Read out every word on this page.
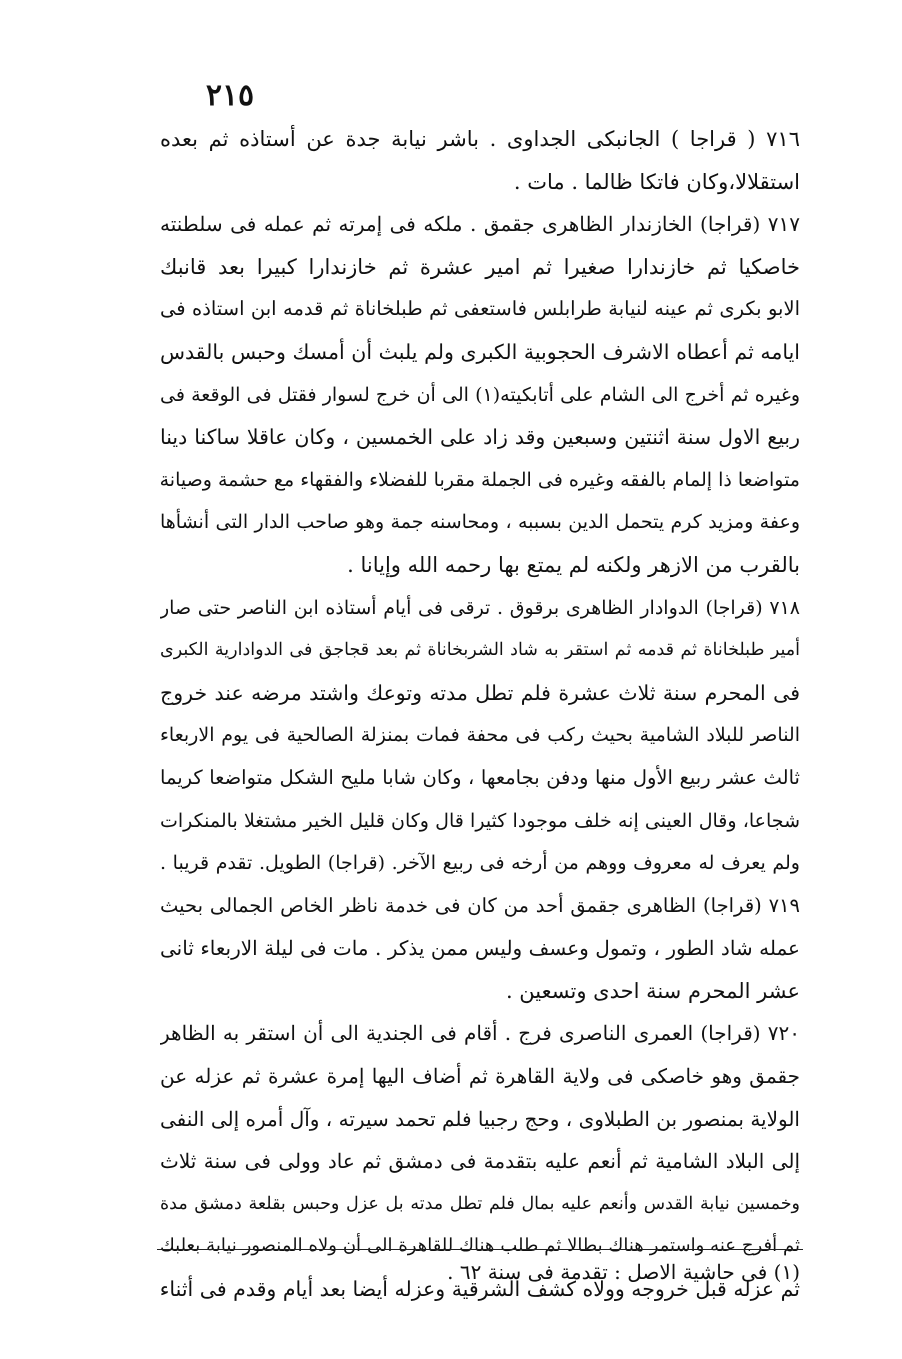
٢١٥
٧١٦ ( قراجا ) الجانبكى الجداوى . باشر نيابة جدة عن أستاذه ثم بعده
استقلالا،وكان فاتكا ظالما . مات .
٧١٧ (قراجا) الخازندار الظاهرى جقمق . ملكه فى إمرته ثم عمله فى سلطنته
خاصكيا ثم خازندارا صغيرا ثم امير عشرة ثم خازندارا كبيرا بعد قانبك
الابو بكرى ثم عينه لنيابة طرابلس فاستعفى ثم طبلخاناة ثم قدمه ابن استاذه فى
ايامه ثم أعطاه الاشرف الحجوبية الكبرى ولم يلبث أن أمسك وحبس بالقدس
وغيره ثم أخرج الى الشام على أتابكيته(١) الى أن خرج لسوار فقتل فى الوقعة فى
ربيع الاول سنة اثنتين وسبعين وقد زاد على الخمسين ، وكان عاقلا ساكنا دينا
متواضعا ذا إلمام بالفقه وغيره فى الجملة مقربا للفضلاء والفقهاء مع حشمة وصيانة
وعفة ومزيد كرم يتحمل الدين بسببه ، ومحاسنه جمة وهو صاحب الدار التى أنشأها
بالقرب من الازهر ولكنه لم يمتع بها رحمه الله وإيانا .
٧١٨ (قراجا) الدوادار الظاهرى برقوق . ترقى فى أيام أستاذه ابن الناصر حتى صار
أمير طبلخاناة ثم قدمه ثم استقر به شاد الشربخاناة ثم بعد قجاجق فى الدوادارية الكبرى
فى المحرم سنة ثلاث عشرة فلم تطل مدته وتوعك واشتد مرضه عند خروج
الناصر للبلاد الشامية بحيث ركب فى محفة فمات بمنزلة الصالحية فى يوم الاربعاء
ثالث عشر ربيع الأول منها ودفن بجامعها ، وكان شابا مليح الشكل متواضعا كريما
شجاعا، وقال العينى إنه خلف موجودا كثيرا قال وكان قليل الخير مشتغلا بالمنكرات
ولم يعرف له معروف ووهم من أرخه فى ربيع الآخر. (قراجا) الطويل. تقدم قريبا .
٧١٩ (قراجا) الظاهرى جقمق أحد من كان فى خدمة ناظر الخاص الجمالى بحيث
عمله شاد الطور ، وتمول وعسف وليس ممن يذكر . مات فى ليلة الاربعاء ثانى
عشر المحرم سنة احدى وتسعين .
٧٢٠ (قراجا) العمرى الناصرى فرج . أقام فى الجندية الى أن استقر به الظاهر
جقمق وهو خاصكى فى ولاية القاهرة ثم أضاف اليها إمرة عشرة ثم عزله عن
الولاية بمنصور بن الطبلاوى ، وحج رجبيا فلم تحمد سيرته ، وآل أمره إلى النفى
إلى البلاد الشامية ثم أنعم عليه بتقدمة فى دمشق ثم عاد وولى فى سنة ثلاث
وخمسين نيابة القدس وأنعم عليه بمال فلم تطل مدته بل عزل وحبس بقلعة دمشق مدة
ثم أفرج عنه واستمر هناك بطالا ثم طلب هناك للقاهرة الى أن ولاه المنصور نيابة بعلبك
ثم عزله قبل خروجه وولاه كشف الشرقية وعزله أيضا بعد أيام وقدم فى أثناء
(١) فى حاشية الاصل : تقدمة فى سنة ٦٢ .
